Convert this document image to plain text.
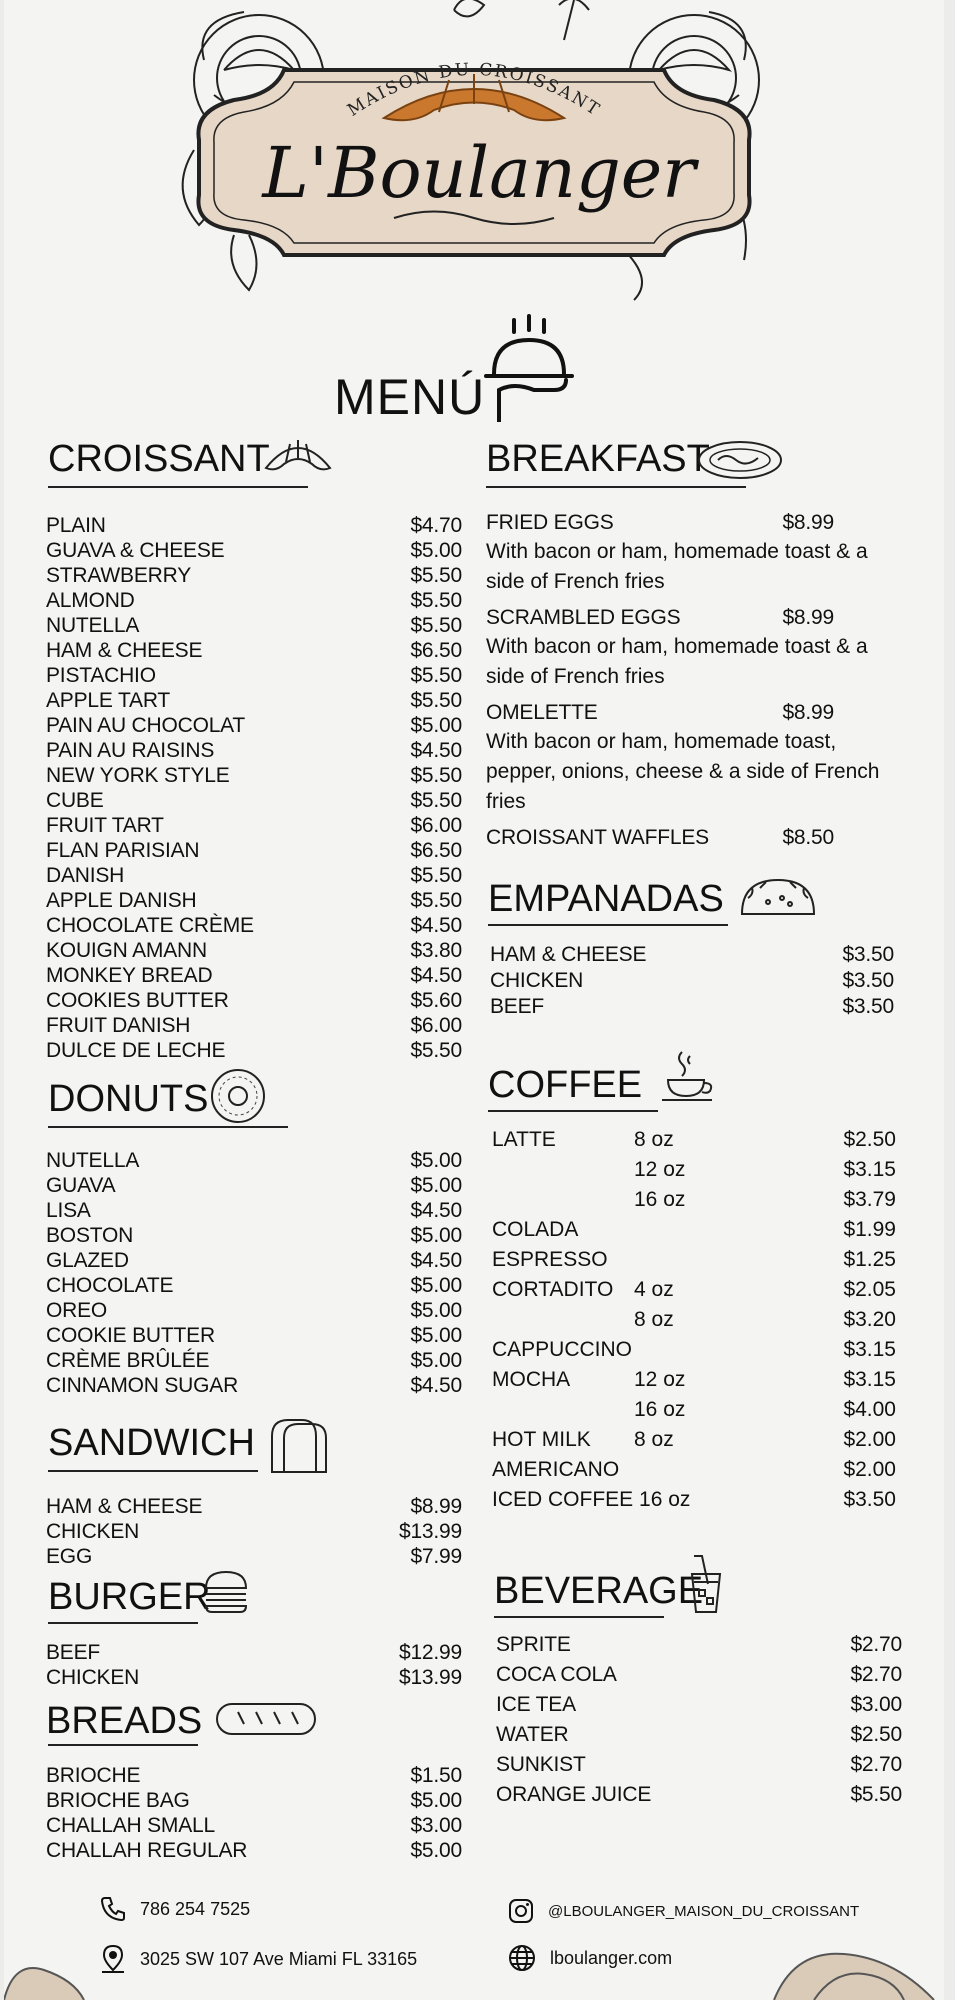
MAISON DU CROISSANT
L'Boulanger
MENÚ
CROISSANT
PLAIN	$4.70
GUAVA & CHEESE	$5.00
STRAWBERRY	$5.50
ALMOND	$5.50
NUTELLA	$5.50
HAM & CHEESE	$6.50
PISTACHIO	$5.50
APPLE TART	$5.50
PAIN AU CHOCOLAT	$5.00
PAIN AU RAISINS	$4.50
NEW YORK STYLE	$5.50
CUBE	$5.50
FRUIT TART	$6.00
FLAN PARISIAN	$6.50
DANISH	$5.50
APPLE DANISH	$5.50
CHOCOLATE CRÈME	$4.50
KOUIGN AMANN	$3.80
MONKEY BREAD	$4.50
COOKIES BUTTER	$5.60
FRUIT DANISH	$6.00
DULCE DE LECHE	$5.50
DONUTS
NUTELLA	$5.00
GUAVA	$5.00
LISA	$4.50
BOSTON	$5.00
GLAZED	$4.50
CHOCOLATE	$5.00
OREO	$5.00
COOKIE BUTTER	$5.00
CRÈME BRÛLÉE	$5.00
CINNAMON SUGAR	$4.50
SANDWICH
HAM & CHEESE	$8.99
CHICKEN	$13.99
EGG	$7.99
BURGER
BEEF	$12.99
CHICKEN	$13.99
BREADS
BRIOCHE	$1.50
BRIOCHE BAG	$5.00
CHALLAH SMALL	$3.00
CHALLAH REGULAR	$5.00
BREAKFAST
FRIED EGGS	$8.99
With bacon or ham, homemade toast & a side of French fries
SCRAMBLED EGGS	$8.99
With bacon or ham, homemade toast & a side of French fries
OMELETTE	$8.99
With bacon or ham, homemade toast, pepper, onions, cheese & a side of French fries
CROISSANT WAFFLES	$8.50
EMPANADAS
HAM & CHEESE	$3.50
CHICKEN	$3.50
BEEF	$3.50
COFFEE
LATTE	8 oz	$2.50
12 oz	$3.15
16 oz	$3.79
COLADA	$1.99
ESPRESSO	$1.25
CORTADITO 4 oz	$2.05
8 oz	$3.20
CAPPUCCINO	$3.15
MOCHA	12 oz	$3.15
16 oz	$4.00
HOT MILK	8 oz	$2.00
AMERICANO	$2.00
ICED COFFEE 16 oz	$3.50
BEVERAGE
SPRITE	$2.70
COCA COLA	$2.70
ICE TEA	$3.00
WATER	$2.50
SUNKIST	$2.70
ORANGE JUICE	$5.50
786 254 7525
3025 SW 107 Ave Miami FL 33165
@LBOULANGER_MAISON_DU_CROISSANT
lboulanger.com
